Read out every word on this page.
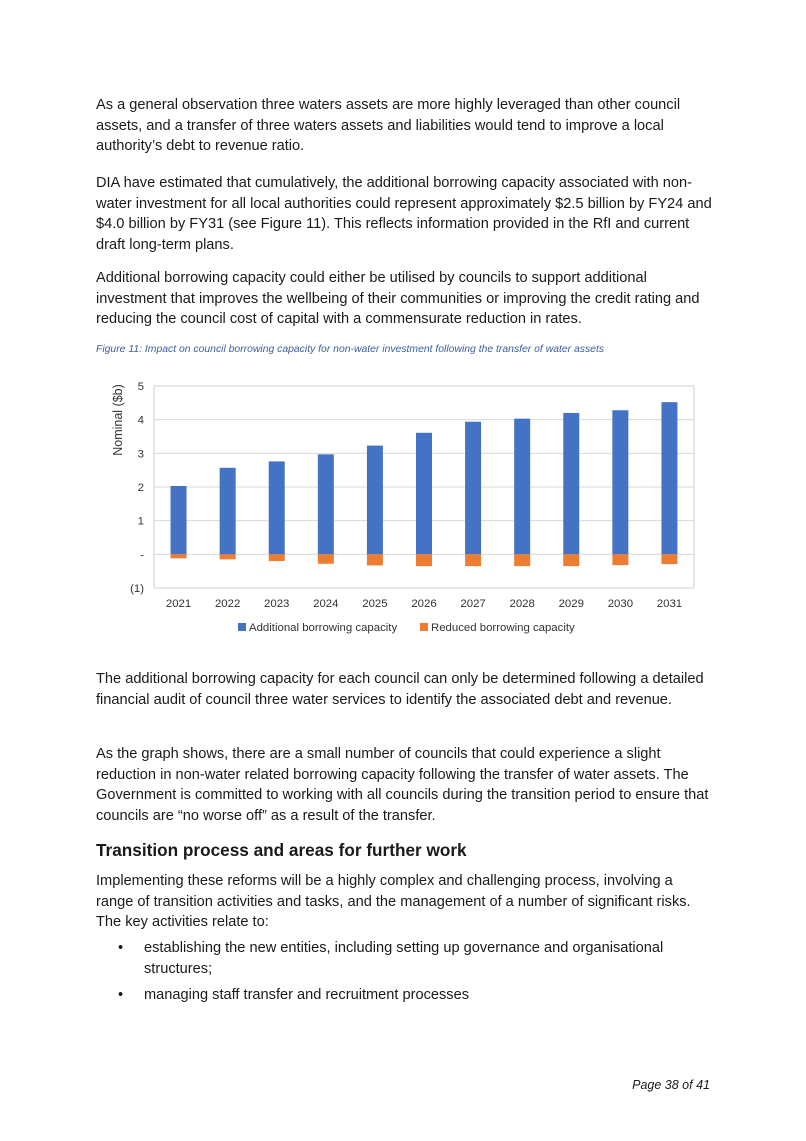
As a general observation three waters assets are more highly leveraged than other council assets, and a transfer of three waters assets and liabilities would tend to improve a local authority’s debt to revenue ratio.

DIA have estimated that cumulatively, the additional borrowing capacity associated with non-water investment for all local authorities could represent approximately $2.5 billion by FY24 and $4.0 billion by FY31 (see Figure 11). This reflects information provided in the RfI and current draft long-term plans.

Additional borrowing capacity could either be utilised by councils to support additional investment that improves the wellbeing of their communities or improving the credit rating and reducing the council cost of capital with a commensurate reduction in rates.

Figure 11: Impact on council borrowing capacity for non-water investment following the transfer of water assets

(1)
-
1
2
3
4
5
2021 2022 2023 2024 2025 2026 2027 2028 2029 2030 2031
Nominal ($b)
Additional borrowing capacity	Reduced borrowing capacity

The additional borrowing capacity for each council can only be determined following a detailed financial audit of council three water services to identify the associated debt and revenue.

As the graph shows, there are a small number of councils that could experience a slight reduction in non-water related borrowing capacity following the transfer of water assets. The Government is committed to working with all councils during the transition period to ensure that councils are “no worse off” as a result of the transfer.

Transition process and areas for further work

Implementing these reforms will be a highly complex and challenging process, involving a range of transition activities and tasks, and the management of a number of significant risks. The key activities relate to:

• establishing the new entities, including setting up governance and organisational structures;
• managing staff transfer and recruitment processes

Page 38 of 41
